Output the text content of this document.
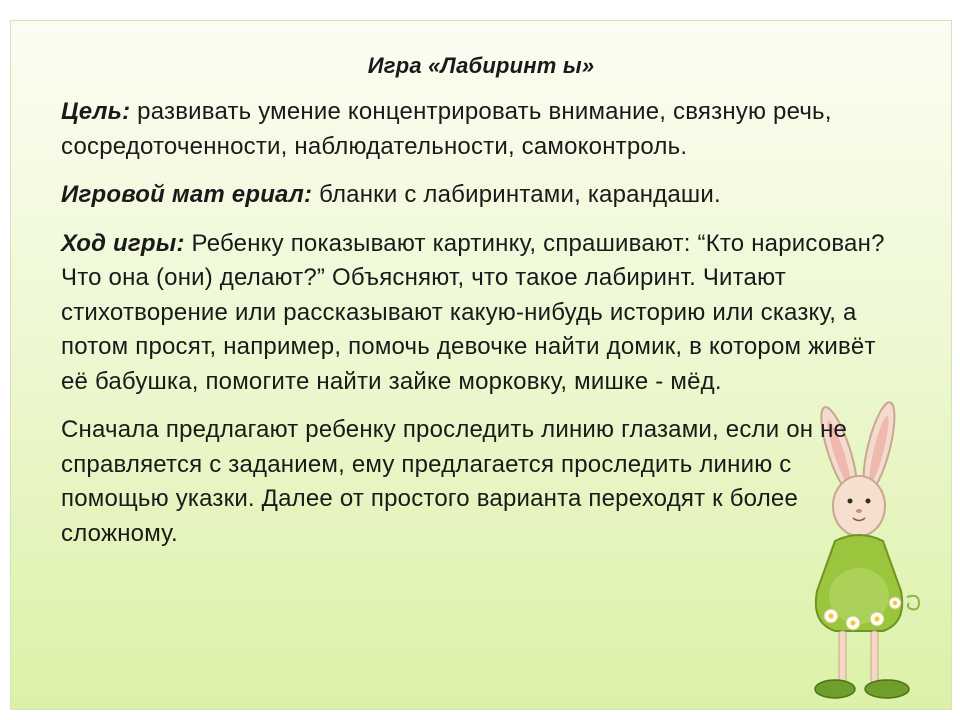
Игра «Лабиринт ы»

Цель: развивать умение концентрировать внимание, связную речь, сосредоточенности, наблюдательности, самоконтроль.

Игровой мат ериал: бланки с лабиринтами, карандаши.

Ход игры: Ребенку показывают картинку, спрашивают: “Кто нарисован? Что она (они) делают?” Объясняют, что такое лабиринт. Читают стихотворение или рассказывают какую-нибудь историю или сказку, а потом просят, например, помочь девочке найти домик, в котором живёт её бабушка, помогите найти зайке морковку, мишке - мёд.

Сначала предлагают ребенку проследить линию глазами, если он не справляется с заданием, ему предлагается проследить линию с помощью указки. Далее от простого варианта переходят к более сложному.
